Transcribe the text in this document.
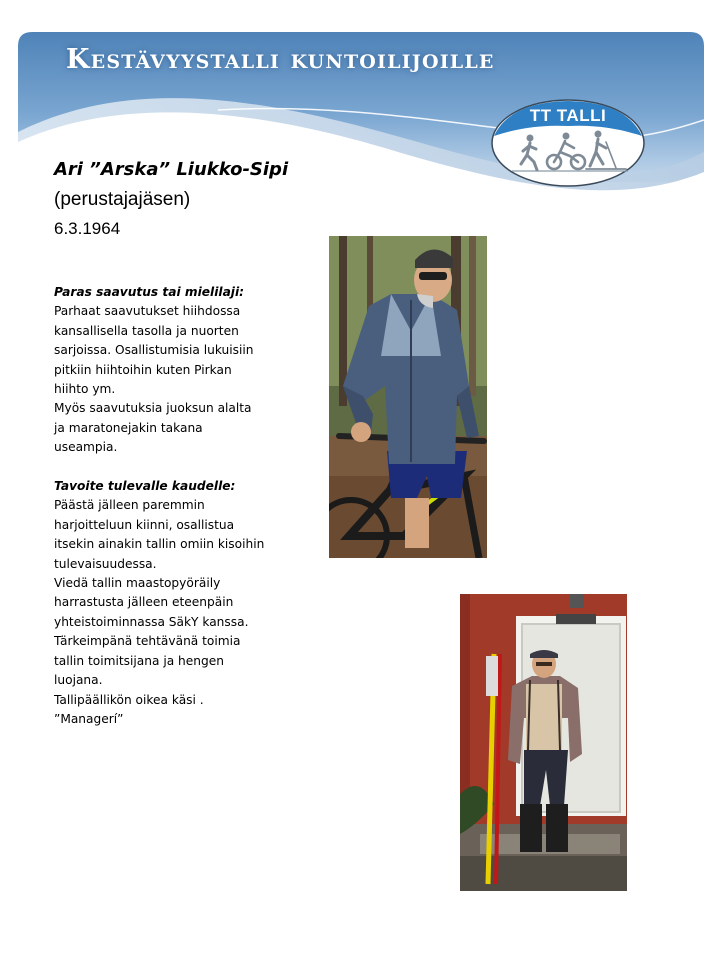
Kestävyystalli kuntoilijoille
TT TALLI
Ari ”Arska” Liukko-Sipi
(perustajajäsen)
6.3.1964
Paras saavutus tai mielilaji:
Parhaat saavutukset hiihdossa
kansallisella tasolla ja nuorten
sarjoissa. Osallistumisia lukuisiin
pitkiin hiihtoihin kuten Pirkan
hiihto ym.
Myös saavutuksia juoksun alalta
ja maratonejakin takana
useampia.
Tavoite tulevalle kaudelle:
Päästä jälleen paremmin
harjoitteluun kiinni, osallistua
itsekin ainakin tallin omiin kisoihin
tulevaisuudessa.
Viedä tallin maastopyöräily
harrastusta jälleen eteenpäin
yhteistoiminnassa SäkY kanssa.
Tärkeimpänä tehtävänä toimia
tallin toimitsijana ja hengen
luojana.
Tallipäällikön oikea käsi .
”Managerí”
